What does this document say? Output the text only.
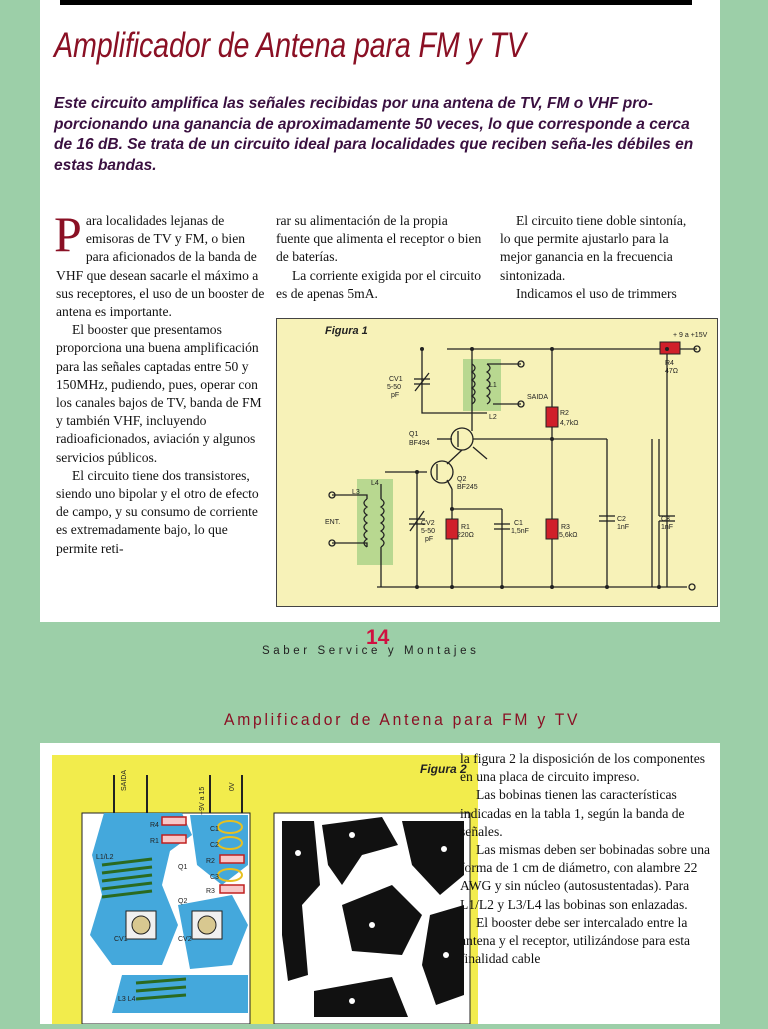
Amplificador de Antena para FM y TV
Este circuito amplifica las señales recibidas por una antena de TV, FM o VHF pro-porcionando una ganancia de aproximadamente 50 veces, lo que corresponde a cerca de 16 dB. Se trata de un circuito ideal para localidades que reciben seña-les débiles en estas bandas.

Para localidades lejanas de emisoras de TV y FM, o bien para aficionados de la banda de VHF que desean sacarle el máximo a sus receptores, el uso de un booster de antena es importante.

El booster que presentamos proporciona una buena amplificación para las señales captadas entre 50 y 150MHz, pudiendo, pues, operar con los canales bajos de TV, banda de FM y también VHF, incluyendo radioaficionados, aviación y algunos servicios públicos.

El circuito tiene dos transistores, siendo uno bipolar y el otro de efecto de campo, y su consumo de corriente es extremadamente bajo, lo que permite reti-

rar su alimentación de la propia fuente que alimenta el receptor o bien de baterías.

La corriente exigida por el circuito es de apenas 5mA.

El circuito tiene doble sintonía, lo que permite ajustarlo para la mejor ganancia en la frecuencia sintonizada.

Indicamos el uso de trimmers

Figura 1	+ 9 a +15V
R4
47Ω
CV1
5-50
pF
L1
L2
SAIDA
R2
4,7kΩ
Q1
BF494
Q2
BF245
L3
L4
ENT.	CV2
5-50
pF
R1
220Ω
C1
1,5nF
R3
5,6kΩ
C2
1nF
C3
1nF
14
Saber Service y Montajes
Amplificador de Antena para FM y TV
SAIDA
+9V a 15
0V
R4
R1
R2
R3
C1
C2
C3
CV1	CV2
Q1
Q2
L1/L2
L3 L4
Figura 2

la figura 2 la disposición de los componentes en una placa de circuito impreso.

Las bobinas tienen las características indicadas en la tabla 1, según la banda de señales.

Las mismas deben ser bobinadas sobre una forma de 1 cm de diámetro, con alambre 22 AWG y sin núcleo (autosustentadas). Para L1/L2 y L3/L4 las bobinas son enlazadas.

El booster debe ser intercalado entre la antena y el receptor, utilizándose para esta finalidad cable
